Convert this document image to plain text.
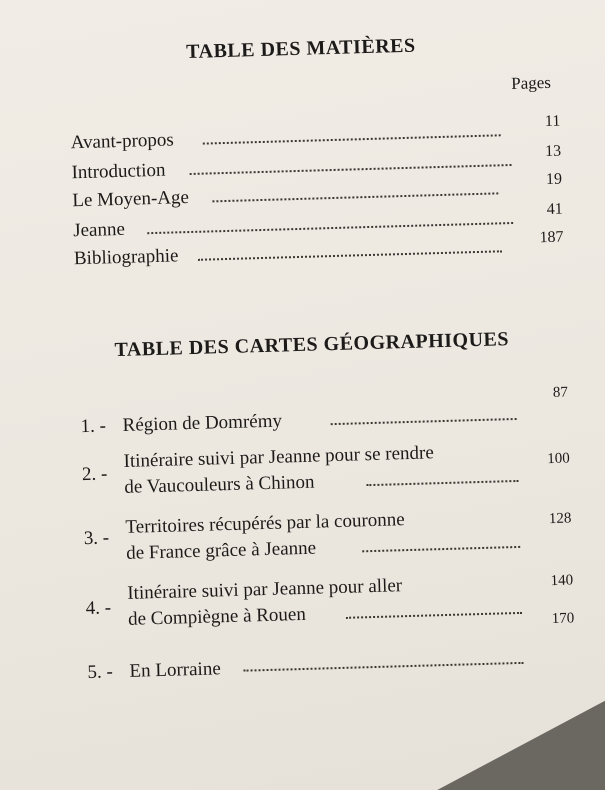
TABLE DES MATIÈRES
Pages
Avant-propos
11
Introduction
13
Le Moyen-Age
19
Jeanne
41
Bibliographie
187
TABLE DES CARTES GÉOGRAPHIQUES
1. - Région de Domrémy
87
2. -
Itinéraire suivi par Jeanne pour se rendre
de Vaucouleurs à Chinon
100
3. -
Territoires récupérés par la couronne
de France grâce à Jeanne
128
4. -
Itinéraire suivi par Jeanne pour aller
de Compiègne à Rouen
140
5. - En Lorraine
170
